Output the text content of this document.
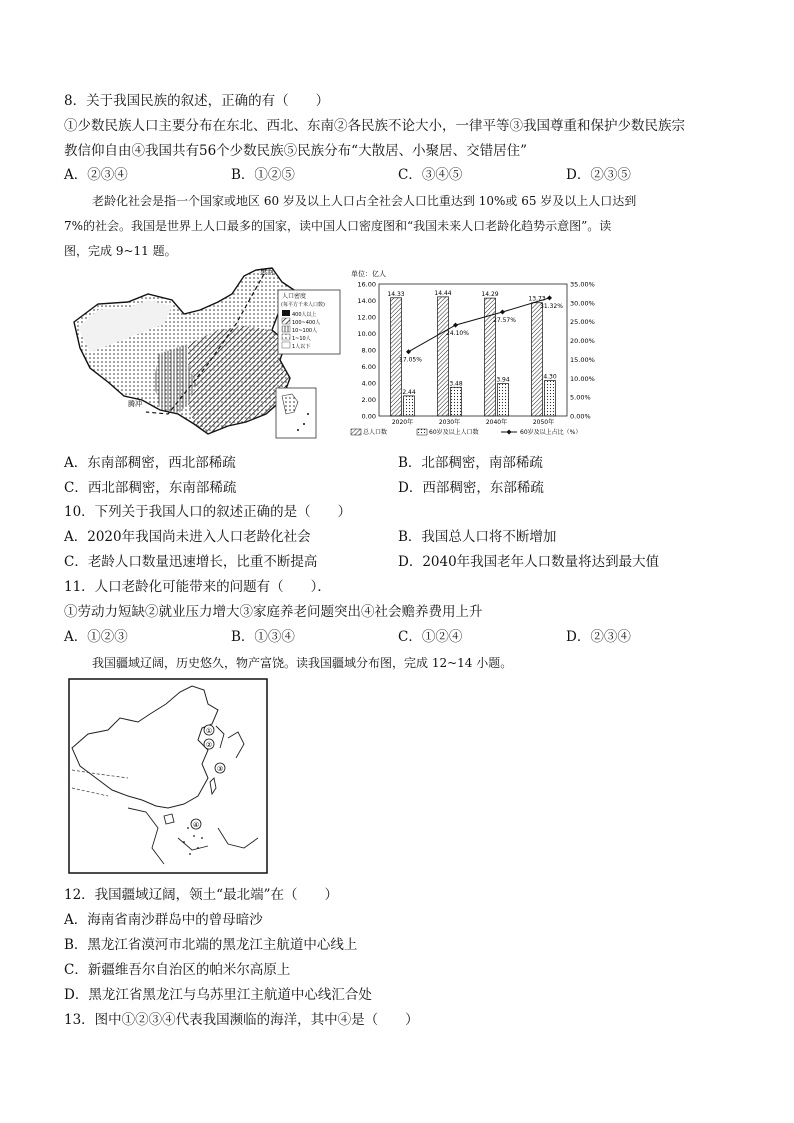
8．关于我国民族的叙述，正确的有（　　）
①少数民族人口主要分布在东北、西北、东南②各民族不论大小，一律平等③我国尊重和保护少数民族宗
教信仰自由④我国共有56个少数民族⑤民族分布“大散居、小聚居、交错居住”
A．②③④	B．①②⑤	C．③④⑤	D．②③⑤
老龄化社会是指一个国家或地区 60 岁及以上人口占全社会人口比重达到 10%或 65 岁及以上人口达到
7%的社会。我国是世界上人口最多的国家，读中国人口密度图和“我国未来人口老龄化趋势示意图”。读
图，完成 9~11 题。
黑河
腾冲
人口密度
(每平方千米人口数)
400人以上
100~400人
10~100人
1~10人
1人以下
单位：亿人
0.00
2.00
4.00
6.00
8.00
10.00
12.00
14.00
16.00
0.00%
5.00%
10.00%
15.00%
20.00%
25.00%
30.00%
35.00%
2020年	2030年	2040年	2050年
14.33
2.44
14.44
3.48
14.29
3.94
13.73
4.30
17.05%
24.10%
27.57%
31.32%
总人口数	60岁及以上人口数	60岁及以上占比（%）
A．东南部稠密，西北部稀疏	B．北部稠密，南部稀疏
C．西北部稠密，东南部稀疏	D．西部稠密，东部稀疏
10．下列关于我国人口的叙述正确的是（　　）
A．2020年我国尚未进入人口老龄化社会	B．我国总人口将不断增加
C．老龄人口数量迅速增长，比重不断提高	D．2040年我国老年人口数量将达到最大值
11．人口老龄化可能带来的问题有（　　）．
①劳动力短缺②就业压力增大③家庭养老问题突出④社会赡养费用上升
A．①②③	B．①③④	C．①②④	D．②③④
我国疆域辽阔，历史悠久，物产富饶。读我国疆域分布图，完成 12~14 小题。
①
②
③
④
12．我国疆域辽阔，领土“最北端”在（　　）
A．海南省南沙群岛中的曾母暗沙
B．黑龙江省漠河市北端的黑龙江主航道中心线上
C．新疆维吾尔自治区的帕米尔高原上
D．黑龙江省黑龙江与乌苏里江主航道中心线汇合处
13．图中①②③④代表我国濒临的海洋，其中④是（　　）
